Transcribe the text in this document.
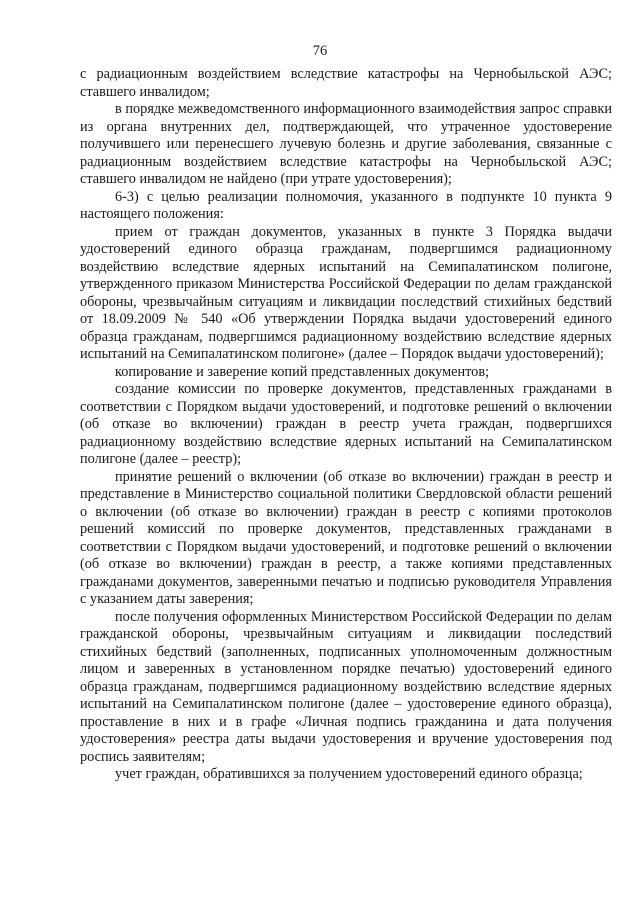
76

с радиационным воздействием вследствие катастрофы на Чернобыльской АЭС; ставшего инвалидом;

в порядке межведомственного информационного взаимодействия запрос справки из органа внутренних дел, подтверждающей, что утраченное удостоверение получившего или перенесшего лучевую болезнь и другие заболевания, связанные с радиационным воздействием вследствие катастрофы на Чернобыльской АЭС; ставшего инвалидом не найдено (при утрате удостоверения);

6-3) с целью реализации полномочия, указанного в подпункте 10 пункта 9 настоящего положения:

прием от граждан документов, указанных в пункте 3 Порядка выдачи удостоверений единого образца гражданам, подвергшимся радиационному воздействию вследствие ядерных испытаний на Семипалатинском полигоне, утвержденного приказом Министерства Российской Федерации по делам гражданской обороны, чрезвычайным ситуациям и ликвидации последствий стихийных бедствий от 18.09.2009 № 540 «Об утверждении Порядка выдачи удостоверений единого образца гражданам, подвергшимся радиационному воздействию вследствие ядерных испытаний на Семипалатинском полигоне» (далее – Порядок выдачи удостоверений);

копирование и заверение копий представленных документов;

создание комиссии по проверке документов, представленных гражданами в соответствии с Порядком выдачи удостоверений, и подготовке решений о включении (об отказе во включении) граждан в реестр учета граждан, подвергшихся радиационному воздействию вследствие ядерных испытаний на Семипалатинском полигоне (далее – реестр);

принятие решений о включении (об отказе во включении) граждан в реестр и представление в Министерство социальной политики Свердловской области решений о включении (об отказе во включении) граждан в реестр с копиями протоколов решений комиссий по проверке документов, представленных гражданами в соответствии с Порядком выдачи удостоверений, и подготовке решений о включении (об отказе во включении) граждан в реестр, а также копиями представленных гражданами документов, заверенными печатью и подписью руководителя Управления с указанием даты заверения;

после получения оформленных Министерством Российской Федерации по делам гражданской обороны, чрезвычайным ситуациям и ликвидации последствий стихийных бедствий (заполненных, подписанных уполномоченным должностным лицом и заверенных в установленном порядке печатью) удостоверений единого образца гражданам, подвергшимся радиационному воздействию вследствие ядерных испытаний на Семипалатинском полигоне (далее – удостоверение единого образца), проставление в них и в графе «Личная подпись гражданина и дата получения удостоверения» реестра даты выдачи удостоверения и вручение удостоверения под роспись заявителям;

учет граждан, обратившихся за получением удостоверений единого образца;
